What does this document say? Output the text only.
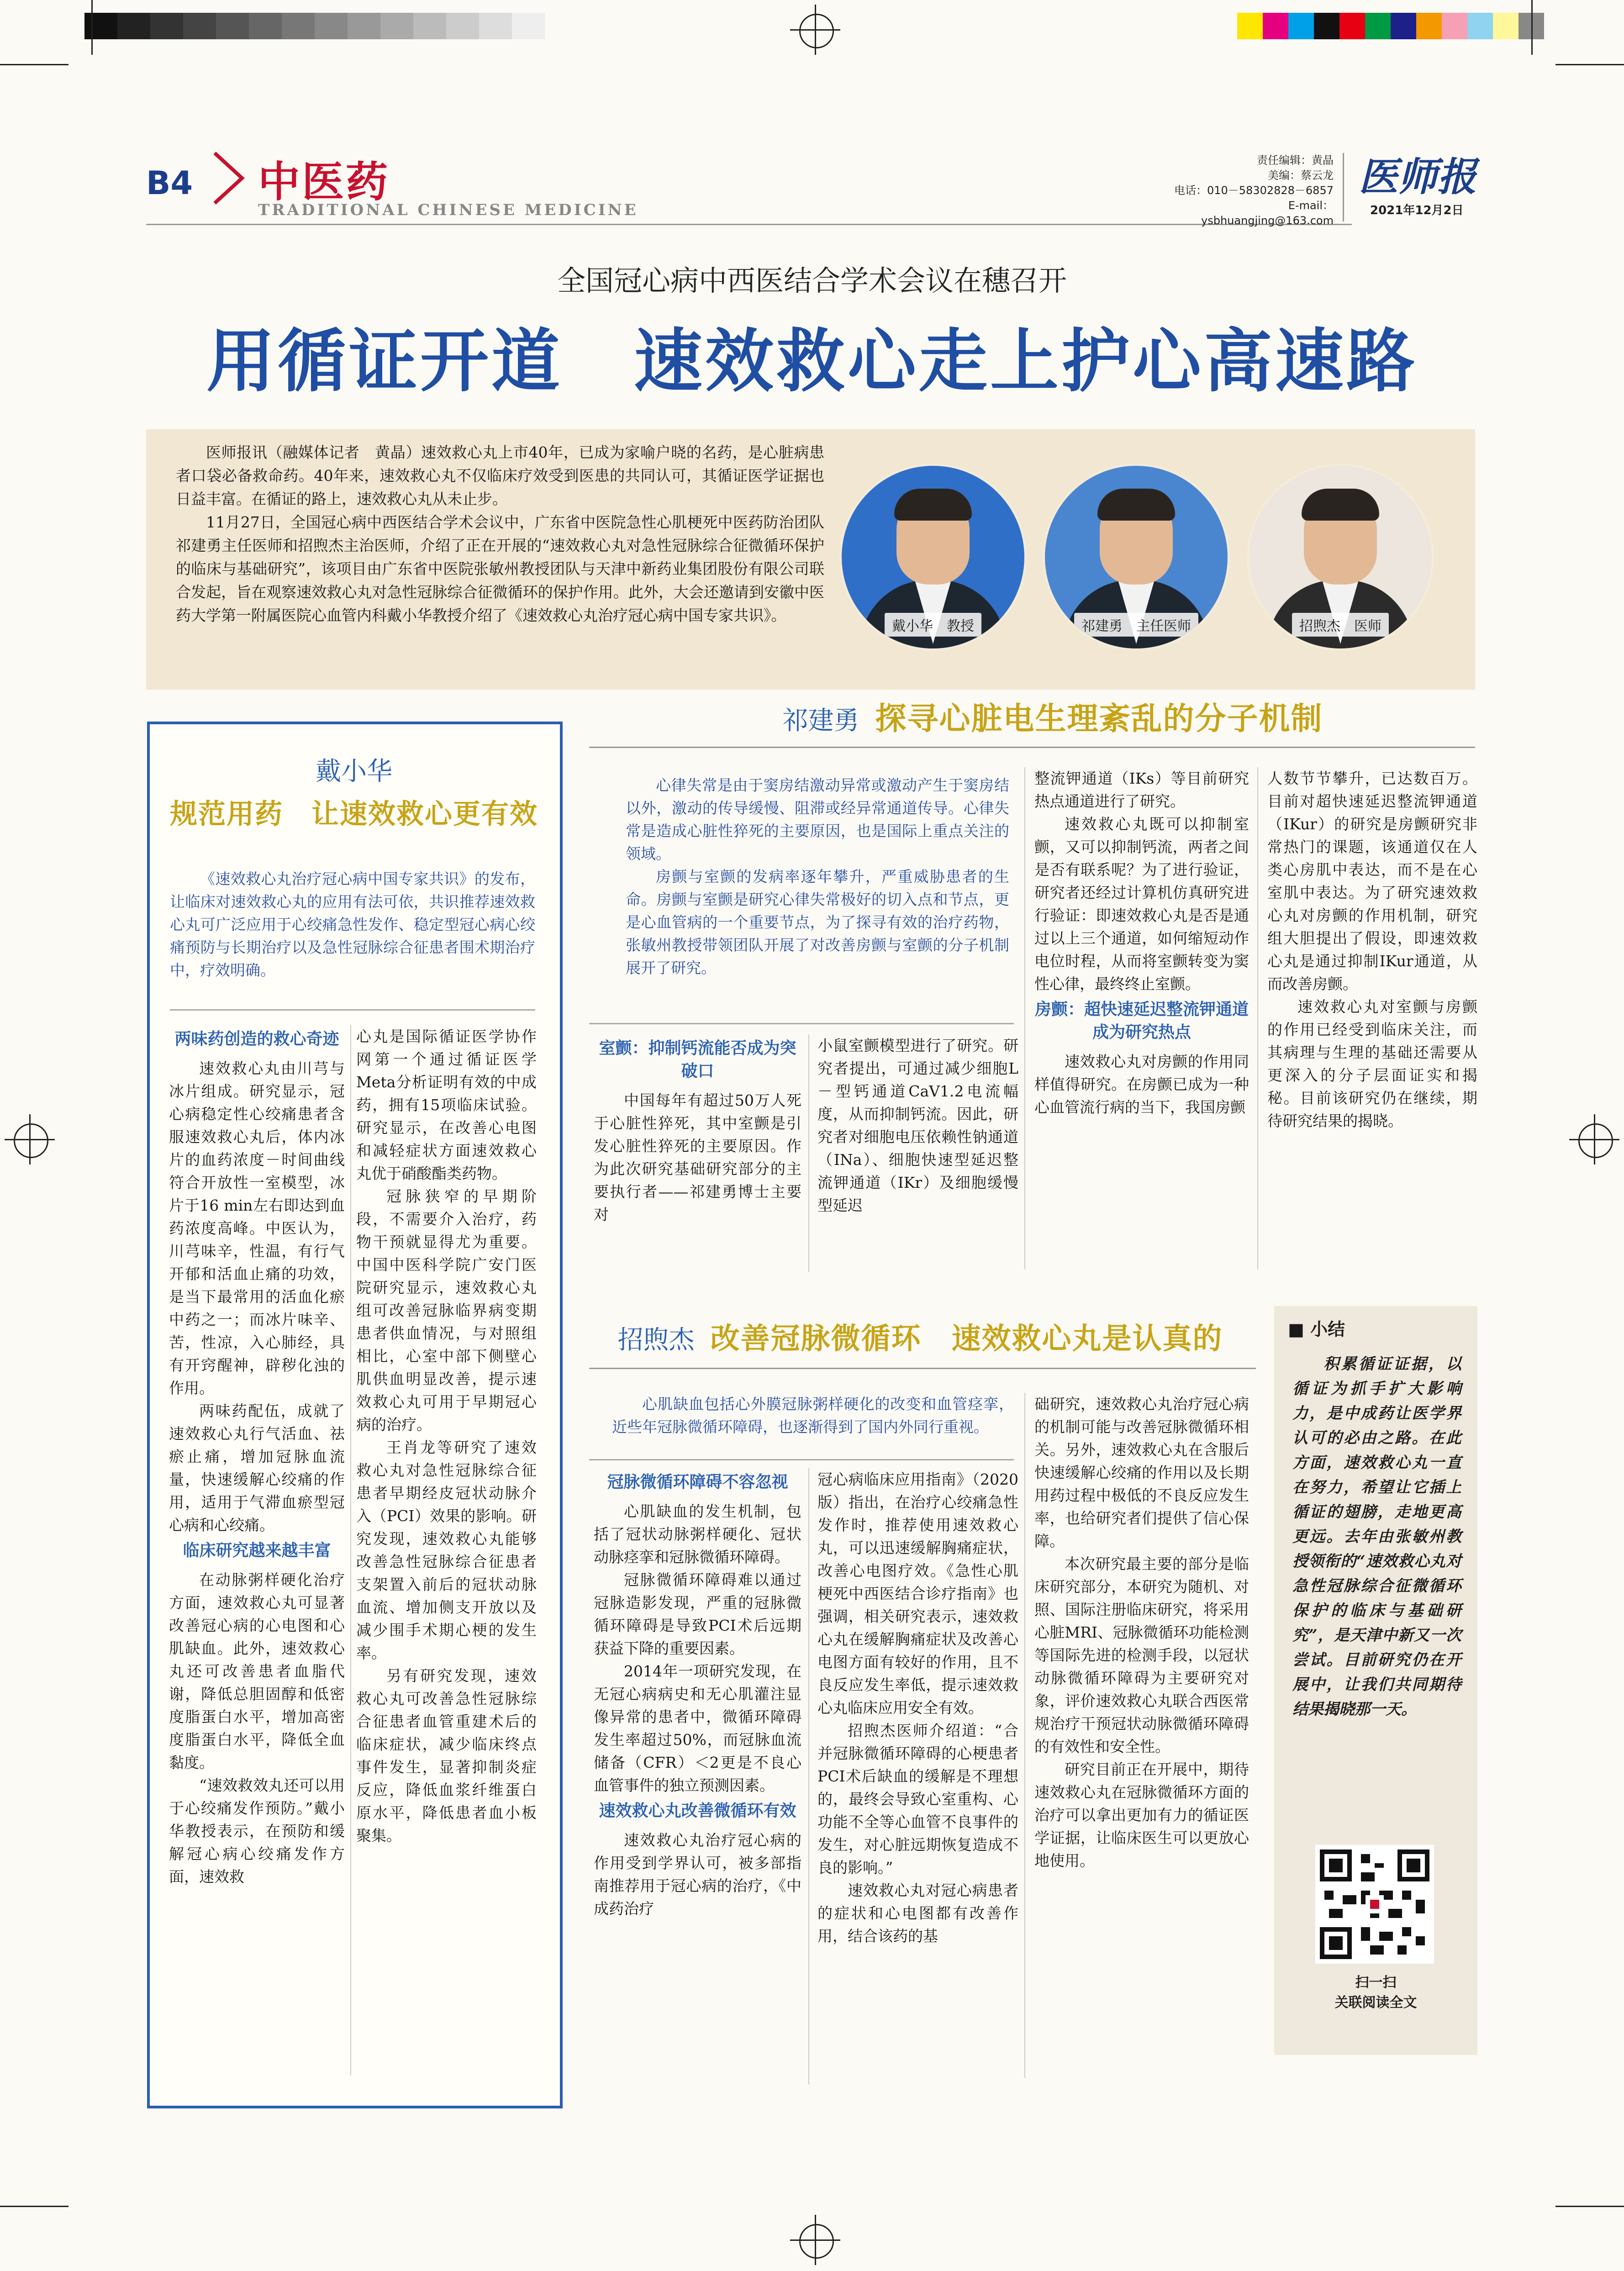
B4 中医药
TRADITIONAL CHINESE MEDICINE
责任编辑：黄晶
美编：蔡云龙
电话：010－58302828－6857
E-mail：ysbhuangjing@163.com
医师报
2021年12月2日
全国冠心病中西医结合学术会议在穗召开
用循证开道　速效救心走上护心高速路

医师报讯（融媒体记者　黄晶）速效救心丸上市40年，已成为家喻户晓的名药，是心脏病患者口袋必备救命药。40年来，速效救心丸不仅临床疗效受到医患的共同认可，其循证医学证据也日益丰富。在循证的路上，速效救心丸从未止步。

11月27日，全国冠心病中西医结合学术会议中，广东省中医院急性心肌梗死中医药防治团队祁建勇主任医师和招煦杰主治医师，介绍了正在开展的“速效救心丸对急性冠脉综合征微循环保护的临床与基础研究”，该项目由广东省中医院张敏州教授团队与天津中新药业集团股份有限公司联合发起，旨在观察速效救心丸对急性冠脉综合征微循环的保护作用。此外，大会还邀请到安徽中医药大学第一附属医院心血管内科戴小华教授介绍了《速效救心丸治疗冠心病中国专家共识》。

戴小华　教授	祁建勇　主任医师	招煦杰　医师
戴小华
规范用药　让速效救心更有效

《速效救心丸治疗冠心病中国专家共识》的发布，让临床对速效救心丸的应用有法可依，共识推荐速效救心丸可广泛应用于心绞痛急性发作、稳定型冠心病心绞痛预防与长期治疗以及急性冠脉综合征患者围术期治疗中，疗效明确。

两味药创造的救心奇迹

速效救心丸由川芎与冰片组成。研究显示，冠心病稳定性心绞痛患者含服速效救心丸后，体内冰片的血药浓度－时间曲线符合开放性一室模型，冰片于16 min左右即达到血药浓度高峰。中医认为，川芎味辛，性温，有行气开郁和活血止痛的功效，是当下最常用的活血化瘀中药之一；而冰片味辛、苦，性凉，入心肺经，具有开窍醒神，辟秽化浊的作用。

两味药配伍，成就了速效救心丸行气活血、祛瘀止痛，增加冠脉血流量，快速缓解心绞痛的作用，适用于气滞血瘀型冠心病和心绞痛。

临床研究越来越丰富

在动脉粥样硬化治疗方面，速效救心丸可显著改善冠心病的心电图和心肌缺血。此外，速效救心丸还可改善患者血脂代谢，降低总胆固醇和低密度脂蛋白水平，增加高密度脂蛋白水平，降低全血黏度。

“速效救效丸还可以用于心绞痛发作预防。”戴小华教授表示，在预防和缓解冠心病心绞痛发作方面，速效救

心丸是国际循证医学协作网第一个通过循证医学Meta分析证明有效的中成药，拥有15项临床试验。研究显示，在改善心电图和减轻症状方面速效救心丸优于硝酸酯类药物。

冠脉狭窄的早期阶段，不需要介入治疗，药物干预就显得尤为重要。中国中医科学院广安门医院研究显示，速效救心丸组可改善冠脉临界病变期患者供血情况，与对照组相比，心室中部下侧壁心肌供血明显改善，提示速效救心丸可用于早期冠心病的治疗。

王肖龙等研究了速效救心丸对急性冠脉综合征患者早期经皮冠状动脉介入（PCI）效果的影响。研究发现，速效救心丸能够改善急性冠脉综合征患者支架置入前后的冠状动脉血流、增加侧支开放以及减少围手术期心梗的发生率。

另有研究发现，速效救心丸可改善急性冠脉综合征患者血管重建术后的临床症状，减少临床终点事件发生，显著抑制炎症反应，降低血浆纤维蛋白原水平，降低患者血小板聚集。

祁建勇 探寻心脏电生理紊乱的分子机制

心律失常是由于窦房结激动异常或激动产生于窦房结以外，激动的传导缓慢、阻滞或经异常通道传导。心律失常是造成心脏性猝死的主要原因，也是国际上重点关注的领域。

房颤与室颤的发病率逐年攀升，严重威胁患者的生命。房颤与室颤是研究心律失常极好的切入点和节点，更是心血管病的一个重要节点，为了探寻有效的治疗药物，张敏州教授带领团队开展了对改善房颤与室颤的分子机制展开了研究。

室颤：抑制钙流能否成为突破口

中国每年有超过50万人死于心脏性猝死，其中室颤是引发心脏性猝死的主要原因。作为此次研究基础研究部分的主要执行者——祁建勇博士主要对

小鼠室颤模型进行了研究。研究者提出，可通过减少细胞L－型钙通道CaV1.2电流幅度，从而抑制钙流。因此，研究者对细胞电压依赖性钠通道（INa）、细胞快速型延迟整流钾通道（IKr）及细胞缓慢型延迟

整流钾通道（IKs）等目前研究热点通道进行了研究。

速效救心丸既可以抑制室颤，又可以抑制钙流，两者之间是否有联系呢？为了进行验证，研究者还经过计算机仿真研究进行验证：即速效救心丸是否是通过以上三个通道，如何缩短动作电位时程，从而将室颤转变为窦性心律，最终终止室颤。

房颤：超快速延迟整流钾通道成为研究热点

速效救心丸对房颤的作用同样值得研究。在房颤已成为一种心血管流行病的当下，我国房颤

人数节节攀升，已达数百万。目前对超快速延迟整流钾通道（IKur）的研究是房颤研究非常热门的课题，该通道仅在人类心房肌中表达，而不是在心室肌中表达。为了研究速效救心丸对房颤的作用机制，研究组大胆提出了假设，即速效救心丸是通过抑制IKur通道，从而改善房颤。

速效救心丸对室颤与房颤的作用已经受到临床关注，而其病理与生理的基础还需要从更深入的分子层面证实和揭秘。目前该研究仍在继续，期待研究结果的揭晓。

招煦杰 改善冠脉微循环　速效救心丸是认真的

心肌缺血包括心外膜冠脉粥样硬化的改变和血管痉挛，近些年冠脉微循环障碍，也逐渐得到了国内外同行重视。

冠脉微循环障碍不容忽视

心肌缺血的发生机制，包括了冠状动脉粥样硬化、冠状动脉痉挛和冠脉微循环障碍。

冠脉微循环障碍难以通过冠脉造影发现，严重的冠脉微循环障碍是导致PCI术后远期获益下降的重要因素。

2014年一项研究发现，在无冠心病病史和无心肌灌注显像异常的患者中，微循环障碍发生率超过50%，而冠脉血流储备（CFR）＜2更是不良心血管事件的独立预测因素。

速效救心丸改善微循环有效

速效救心丸治疗冠心病的作用受到学界认可，被多部指南推荐用于冠心病的治疗，《中成药治疗

冠心病临床应用指南》（2020版）指出，在治疗心绞痛急性发作时，推荐使用速效救心丸，可以迅速缓解胸痛症状，改善心电图疗效。《急性心肌梗死中西医结合诊疗指南》也强调，相关研究表示，速效救心丸在缓解胸痛症状及改善心电图方面有较好的作用，且不良反应发生率低，提示速效救心丸临床应用安全有效。

招煦杰医师介绍道：“合并冠脉微循环障碍的心梗患者PCI术后缺血的缓解是不理想的，最终会导致心室重构、心功能不全等心血管不良事件的发生，对心脏远期恢复造成不良的影响。”

速效救心丸对冠心病患者的症状和心电图都有改善作用，结合该药的基

础研究，速效救心丸治疗冠心病的机制可能与改善冠脉微循环相关。另外，速效救心丸在含服后快速缓解心绞痛的作用以及长期用药过程中极低的不良反应发生率，也给研究者们提供了信心保障。

本次研究最主要的部分是临床研究部分，本研究为随机、对照、国际注册临床研究，将采用心脏MRI、冠脉微循环功能检测等国际先进的检测手段，以冠状动脉微循环障碍为主要研究对象，评价速效救心丸联合西医常规治疗干预冠状动脉微循环障碍的有效性和安全性。

研究目前正在开展中，期待速效救心丸在冠脉微循环方面的治疗可以拿出更加有力的循证医学证据，让临床医生可以更放心地使用。

■ 小结

积累循证证据，以循证为抓手扩大影响力，是中成药让医学界认可的必由之路。在此方面，速效救心丸一直在努力，希望让它插上循证的翅膀，走地更高更远。去年由张敏州教授领衔的“速效救心丸对急性冠脉综合征微循环保护的临床与基础研究”，是天津中新又一次尝试。目前研究仍在开展中，让我们共同期待结果揭晓那一天。

扫一扫
关联阅读全文
